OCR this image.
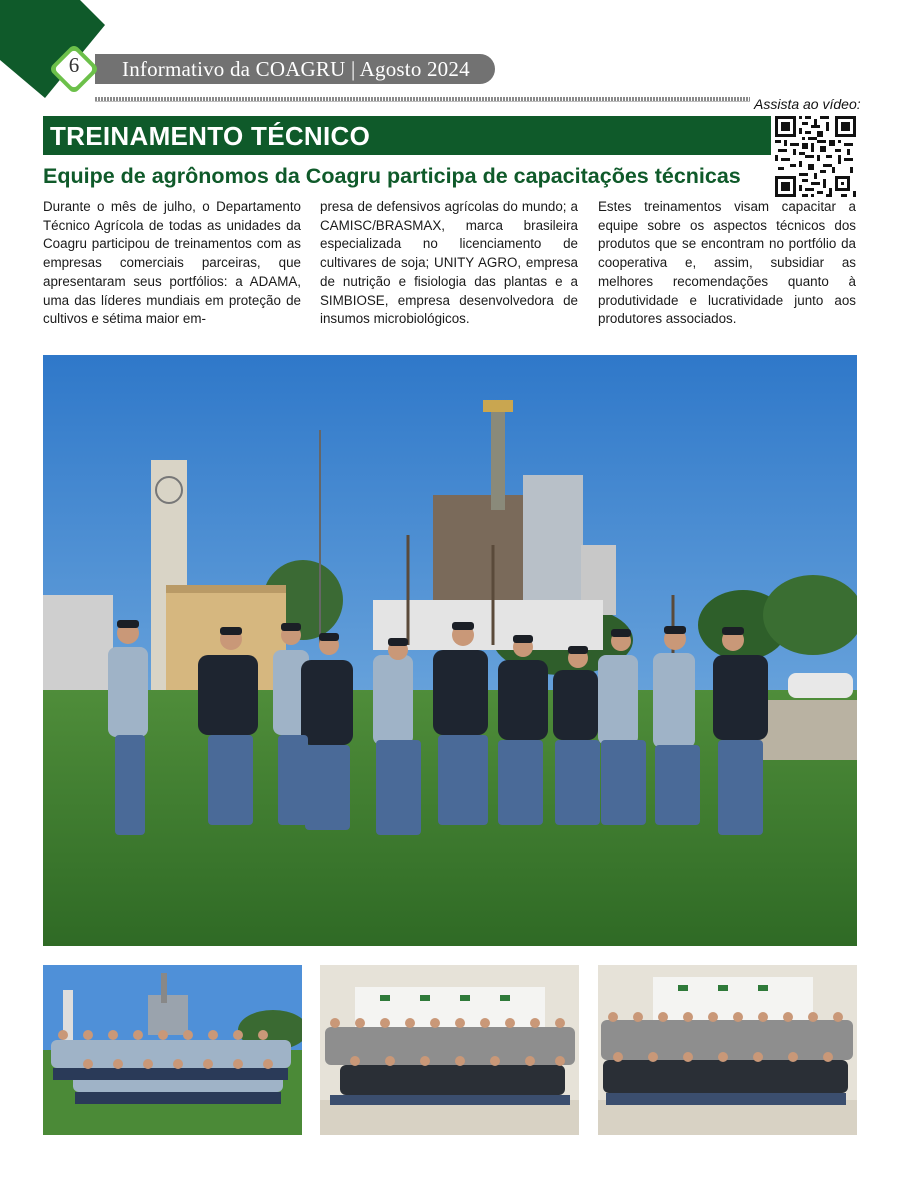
Informativo da COAGRU | Agosto 2024
6
Assista ao vídeo:
TREINAMENTO TÉCNICO
Equipe de agrônomos da Coagru participa de capacitações técnicas
Durante o mês de julho, o Departamento Técnico Agrícola de todas as unidades da Coagru participou de treinamentos com as empresas comerciais parceiras, que apresentaram seus portfólios: a ADAMA, uma das líderes mundiais em proteção de cultivos e sétima maior em-
presa de defensivos agrícolas do mundo; a CAMISC/BRASMAX, marca brasileira especializada no licenciamento de cultivares de soja; UNITY AGRO, empresa de nutrição e fisiologia das plantas e a SIMBIOSE, empresa desenvolvedora de insumos microbiológicos.
Estes treinamentos visam capacitar a equipe sobre os aspectos técnicos dos produtos que se encontram no portfólio da cooperativa e, assim, subsidiar as melhores recomendações quanto à produtividade e lucratividade junto aos produtores associados.
